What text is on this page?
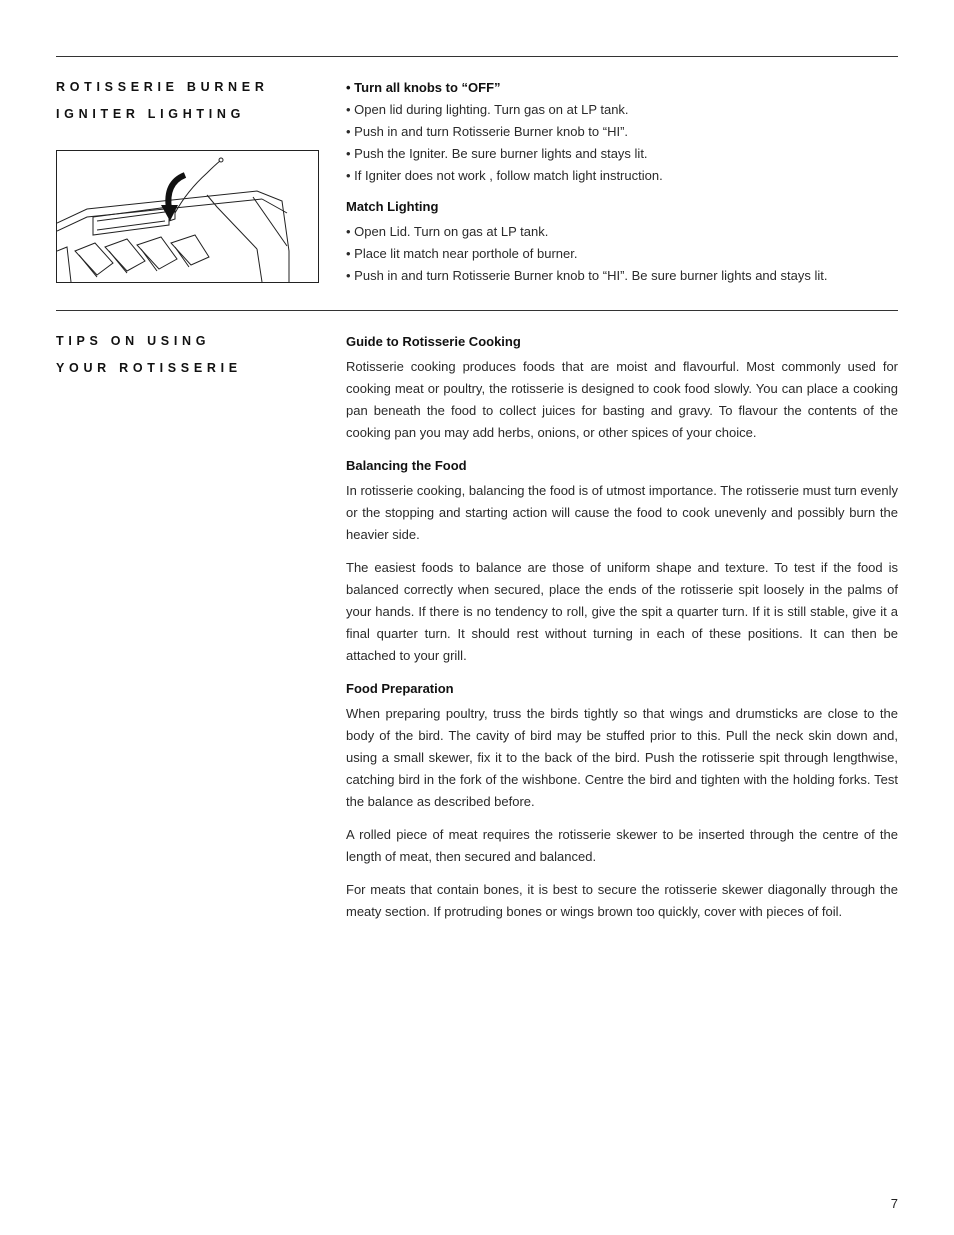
ROTISSERIE BURNER
IGNITER LIGHTING
• Turn all knobs to “OFF”
• Open lid during lighting. Turn gas on at LP tank.
• Push in and turn Rotisserie Burner knob to “HI”.
• Push the Igniter. Be sure burner lights and stays lit.
• If Igniter does not work , follow match light instruction.
Match Lighting
• Open Lid. Turn on gas at LP tank.
• Place lit match near porthole of burner.
• Push in and turn Rotisserie Burner knob to “HI”. Be sure burner lights and stays lit.
TIPS ON USING
YOUR ROTISSERIE
Guide to Rotisserie Cooking
Rotisserie cooking produces foods that are moist and flavourful. Most commonly used for cooking meat or poultry, the rotisserie is designed to cook food slowly. You can place a cooking pan beneath the food to collect juices for basting and gravy. To flavour the contents of the cooking pan you may add herbs, onions, or other spices of your choice.
Balancing the Food
In rotisserie cooking, balancing the food is of utmost importance. The rotisserie must turn evenly or the stopping and starting action will cause the food to cook unevenly and possibly burn the heavier side.
The easiest foods to balance are those of uniform shape and texture. To test if the food is balanced correctly when secured, place the ends of the rotisserie spit loosely in the palms of your hands. If there is no tendency to roll, give the spit a quarter turn. If it is still stable, give it a final quarter turn. It should rest without turning in each of these positions. It can then be attached to your grill.
Food Preparation
When preparing poultry, truss the birds tightly so that wings and drumsticks are close to the body of the bird. The cavity of bird may be stuffed prior to this. Pull the neck skin down and, using a small skewer, fix it to the back of the bird. Push the rotisserie spit through lengthwise, catching bird in the fork of the wishbone. Centre the bird and tighten with the holding forks. Test the balance as described before.
A rolled piece of meat requires the rotisserie skewer to be inserted through the centre of the length of meat, then secured and balanced.
For meats that contain bones, it is best to secure the rotisserie skewer diagonally through the meaty section. If protruding bones or wings brown too quickly, cover with pieces of foil.
7
